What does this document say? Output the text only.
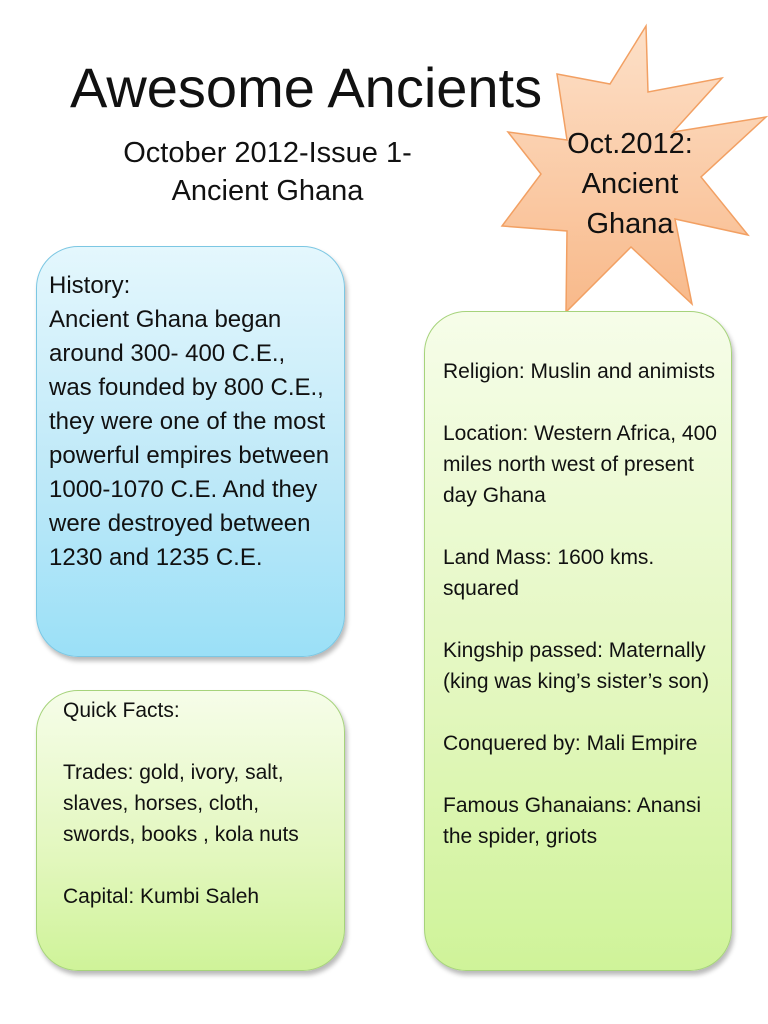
Awesome Ancients
October 2012-Issue 1-
Ancient Ghana
Oct.2012:
Ancient
Ghana

History:
Ancient Ghana began around 300- 400 C.E., was founded by 800 C.E., they were one of the most powerful empires between 1000-1070 C.E. And they were destroyed between 1230 and 1235 C.E.

Quick Facts:

Trades: gold, ivory, salt, slaves, horses, cloth, swords, books , kola nuts

Capital: Kumbi Saleh

Religion: Muslin and animists

Location: Western Africa, 400 miles north west of present day Ghana

Land Mass: 1600 kms. squared

Kingship passed: Maternally (king was king’s sister’s son)

Conquered by: Mali Empire

Famous Ghanaians: Anansi the spider, griots
